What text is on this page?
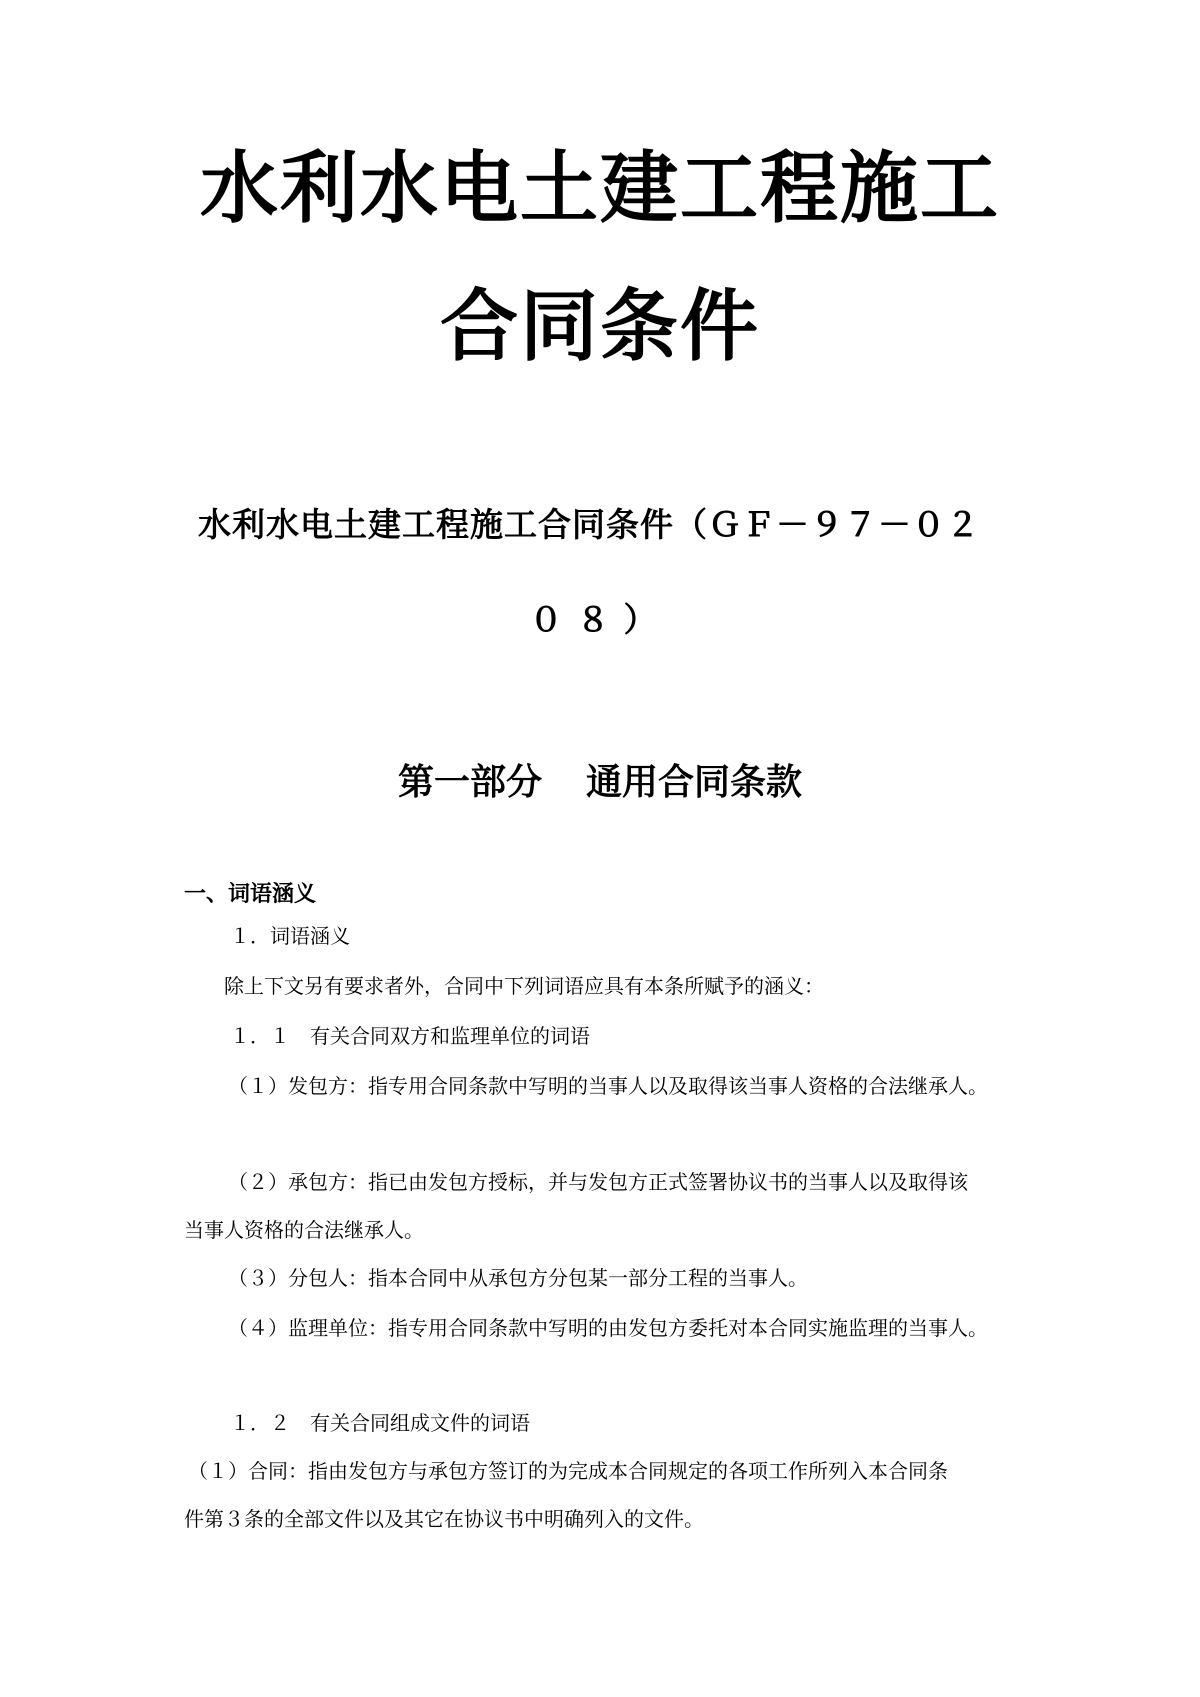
水利水电土建工程施工
合同条件
水利水电土建工程施工合同条件（ＧＦ－９７－０２
０８）
第一部分 通用合同条款
一、词语涵义
１．词语涵义
除上下文另有要求者外，合同中下列词语应具有本条所赋予的涵义：
１．１　有关合同双方和监理单位的词语
（１）发包方：指专用合同条款中写明的当事人以及取得该当事人资格的合法继承人。
（２）承包方：指已由发包方授标，并与发包方正式签署协议书的当事人以及取得该
当事人资格的合法继承人。
（３）分包人：指本合同中从承包方分包某一部分工程的当事人。
（４）监理单位：指专用合同条款中写明的由发包方委托对本合同实施监理的当事人。
１．２　有关合同组成文件的词语
（１）合同：指由发包方与承包方签订的为完成本合同规定的各项工作所列入本合同条
件第３条的全部文件以及其它在协议书中明确列入的文件。
